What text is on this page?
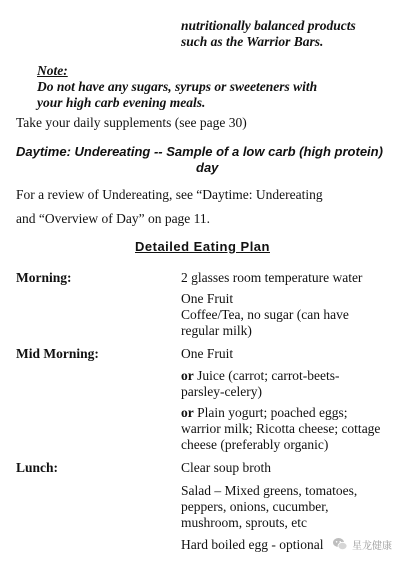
nutritionally balanced products

such as the Warrior Bars.

Note:

Do not have any sugars, syrups or sweeteners with

your high carb evening meals.

Take your daily supplements (see page 30)

Daytime: Undereating -- Sample of a low carb (high protein)

day

For a review of Undereating, see “Daytime: Undereating

and “Overview of Day” on page 11.

Detailed Eating Plan

Morning:	2 glasses room temperature water

One Fruit

Coffee/Tea, no sugar (can have

regular milk)

Mid Morning:	One Fruit

or Juice (carrot; carrot-beets-

parsley-celery)

or Plain yogurt; poached eggs;

warrior milk; Ricotta cheese; cottage

cheese (preferably organic)

Lunch:	Clear soup broth

Salad – Mixed greens, tomatoes,

peppers, onions, cucumber,

mushroom, sprouts, etc

Hard boiled egg - optional	星龙健康
